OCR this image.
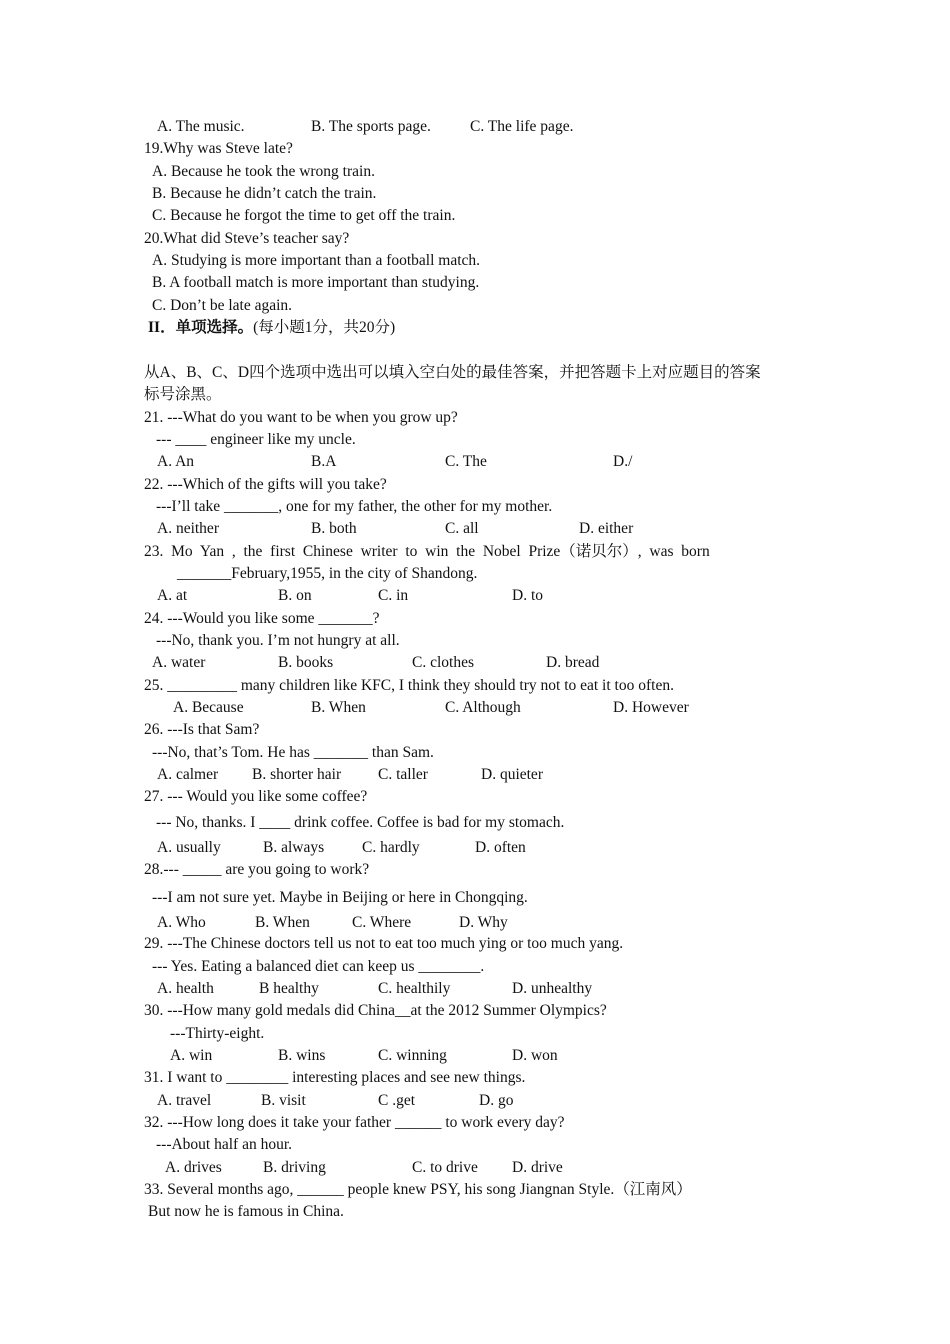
A. The music.	B. The sports page.	C. The life page.
19.Why was Steve late?
A. Because he took the wrong train.
B. Because he didn’t catch the train.
C. Because he forgot the time to get off the train.
20.What did Steve’s teacher say?
A. Studying is more important than a football match.
B. A football match is more important than studying.
C. Don’t be late again.
II．单项选择。(每小题1分，共20分)
从A、B、C、D四个选项中选出可以填入空白处的最佳答案，并把答题卡上对应题目的答案
标号涂黑。
21. ---What do you want to be when you grow up?
--- ____ engineer like my uncle.
A. An	B.A	C. The	D./
22. ---Which of the gifts will you take?
---I’ll take _______, one for my father, the other for my mother.
A. neither	B. both	C. all	D. either
23.  Mo  Yan  ,  the  first  Chinese  writer  to  win  the  Nobel  Prize（诺贝尔）,  was  born
_______February,1955, in the city of Shandong.
A. at	B. on	C. in	D. to
24. ---Would you like some _______?
---No, thank you. I’m not hungry at all.
A. water	B. books	C. clothes	D. bread
25. _________ many children like KFC, I think they should try not to eat it too often.
A. Because	B. When	C. Although	D. However
26. ---Is that Sam?
---No, that’s Tom. He has _______ than Sam.
A. calmer B. shorter hair C. taller	D. quieter
27. --- Would you like some coffee?
--- No, thanks. I ____ drink coffee. Coffee is bad for my stomach.
A. usually	B. always C. hardly	D. often
28.--- _____ are you going to work?
---I am not sure yet. Maybe in Beijing or here in Chongqing.
A. Who	B. When	C. Where	D. Why
29. ---The Chinese doctors tell us not to eat too much ying or too much yang.
--- Yes. Eating a balanced diet can keep us ________.
A. health	B healthy	C. healthily	D. unhealthy
30. ---How many gold medals did China__at the 2012 Summer Olympics?
---Thirty-eight.
A. win	B. wins	C. winning	D. won
31. I want to ________ interesting places and see new things.
A. travel	B. visit	C .get	D. go
32. ---How long does it take your father ______ to work every day?
---About half an hour.
A. drives	B. driving	C. to drive D. drive
33. Several months ago, ______ people knew PSY, his song Jiangnan Style.（江南风）
But now he is famous in China.
